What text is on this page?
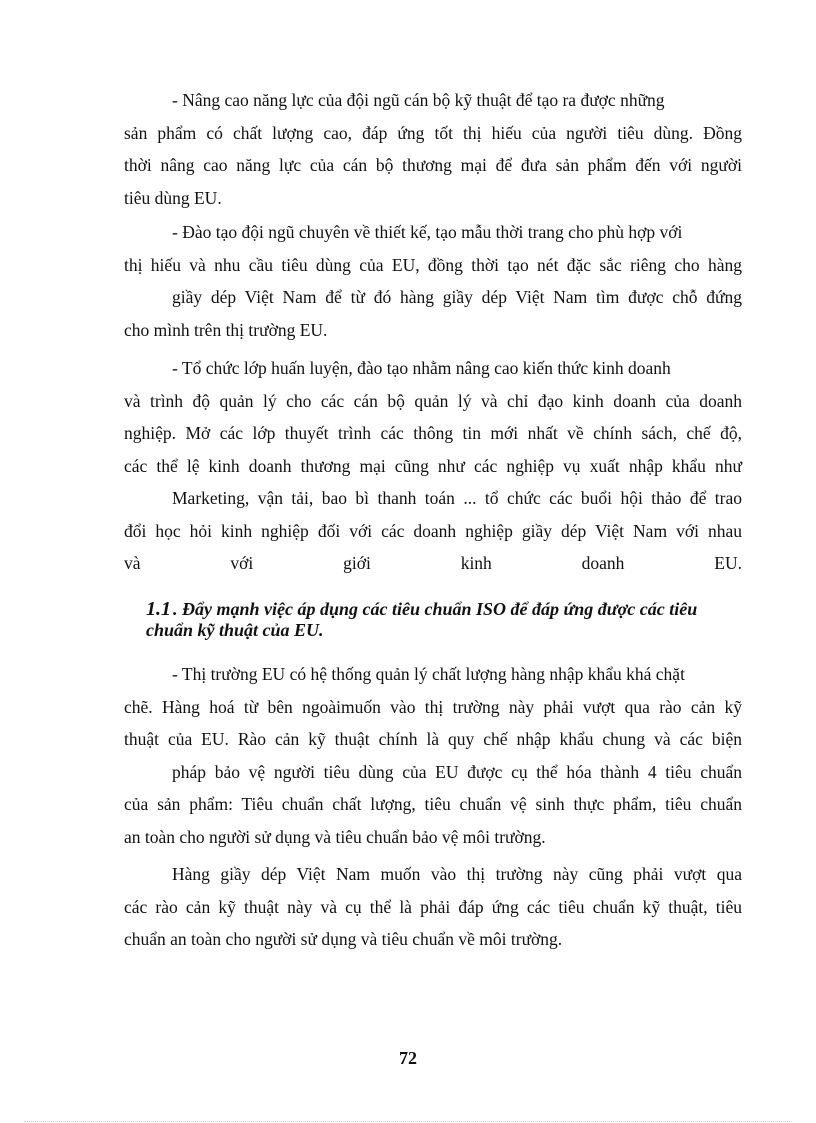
- Nâng cao năng lực của đội ngũ cán bộ kỹ thuật để tạo ra được những
sản phẩm có chất lượng cao, đáp ứng tốt thị hiếu của người tiêu dùng. Đồng
thời nâng cao năng lực của cán bộ thương mại để đưa sản phẩm đến với người
tiêu dùng EU.
- Đào tạo đội ngũ chuyên về thiết kế, tạo mẫu thời trang cho phù hợp với
thị hiếu và nhu cầu tiêu dùng của EU, đồng thời tạo nét đặc sắc riêng cho hàng
giầy dép Việt Nam để từ đó hàng giầy dép Việt Nam tìm được chỗ đứng
cho mình trên thị trường EU.
- Tổ chức lớp huấn luyện, đào tạo nhằm nâng cao kiến thức kinh doanh
và trình độ quản lý cho các cán bộ quản lý và chỉ đạo kinh doanh của doanh
nghiệp. Mở các lớp thuyết trình các thông tin mới nhất về chính sách, chế độ,
các thể lệ kinh doanh thương mại cũng như các nghiệp vụ xuất nhập khẩu như
Marketing, vận tải, bao bì thanh toán ... tổ chức các buổi hội thảo để trao
đổi học hỏi kinh nghiệp đối với các doanh nghiệp giầy dép Việt Nam với nhau
và với giới kinh doanh EU.
1.1 . Đẩy mạnh việc áp dụng các tiêu chuẩn ISO để đáp ứng được các tiêu
chuẩn kỹ thuật của EU.
- Thị trường EU có hệ thống quản lý chất lượng hàng nhập khẩu khá chặt
chẽ. Hàng hoá từ bên ngoàimuốn vào thị trường này phải vượt qua rào cản kỹ
thuật của EU. Rào cản kỹ thuật chính là quy chế nhập khẩu chung và các biện
pháp bảo vệ người tiêu dùng của EU được cụ thể hóa thành 4 tiêu chuẩn
của sản phẩm: Tiêu chuẩn chất lượng, tiêu chuẩn vệ sinh thực phẩm, tiêu chuẩn
an toàn cho người sử dụng và tiêu chuẩn bảo vệ môi trường.
Hàng giầy dép Việt Nam muốn vào thị trường này cũng phải vượt qua
các rào cản kỹ thuật này và cụ thể là phải đáp ứng các tiêu chuẩn kỹ thuật, tiêu
chuẩn an toàn cho người sử dụng và tiêu chuẩn về môi trường.
72
